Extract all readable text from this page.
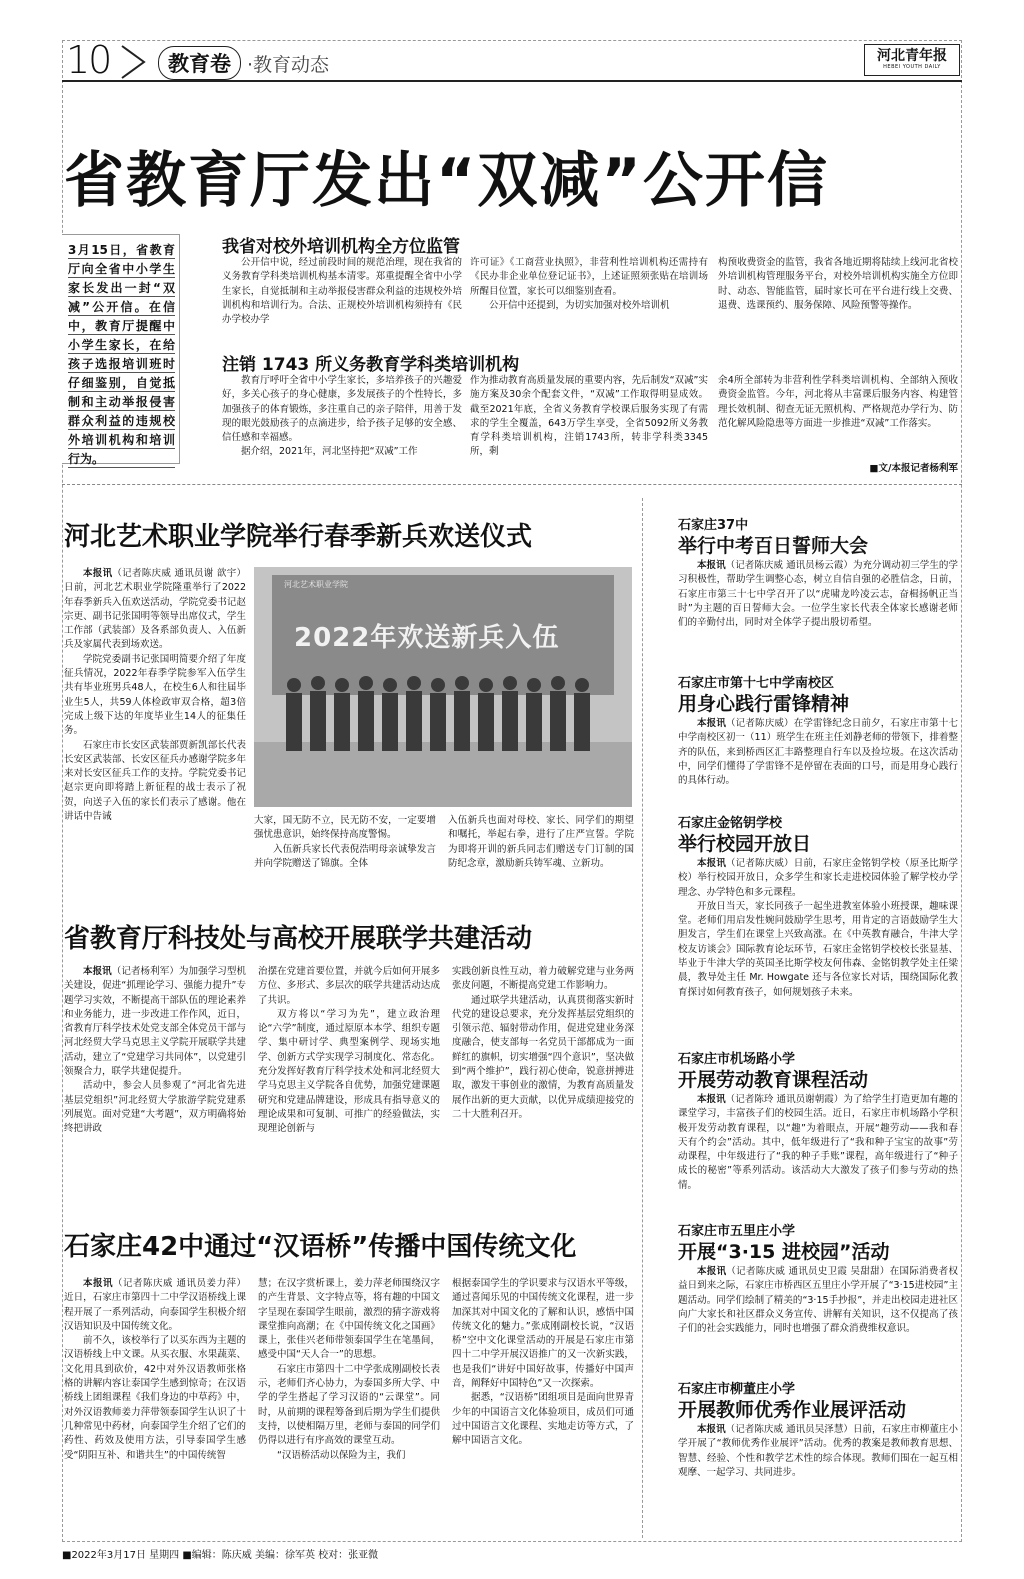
10	教育卷 ·教育动态	河北青年报
HEBEI YOUTH DAILY
省教育厅发出“双减”公开信
3月15日，省教育厅向全省中小学生家长发出一封“双减”公开信。在信中，教育厅提醒中小学生家长，在给孩子选报培训班时仔细鉴别，自觉抵制和主动举报侵害群众利益的违规校外培训机构和培训行为。
我省对校外培训机构全方位监管

公开信中说，经过前段时间的规范治理，现在我省的义务教育学科类培训机构基本清零。郑重提醒全省中小学生家长，自觉抵制和主动举报侵害群众利益的违规校外培训机构和培训行为。合法、正规校外培训机构须持有《民办学校办学

许可证》《工商营业执照》，非营利性培训机构还需持有《民办非企业单位登记证书》，上述证照须张贴在培训场所醒目位置，家长可以细鉴别查看。

公开信中还提到，为切实加强对校外培训机

构预收费资金的监管，我省各地近期将陆续上线河北省校外培训机构管理服务平台，对校外培训机构实施全方位即时、动态、智能监管，届时家长可在平台进行线上交费、退费、选课预约、服务保障、风险预警等操作。

注销 1743 所义务教育学科类培训机构

教育厅呼吁全省中小学生家长，多培养孩子的兴趣爱好，多关心孩子的身心健康，多发展孩子的个性特长，多加强孩子的体育锻炼，多注重自己的亲子陪伴，用善于发现的眼光鼓励孩子的点滴进步，给予孩子足够的安全感、信任感和幸福感。

据介绍，2021年，河北坚持把“双减”工作

作为推动教育高质量发展的重要内容，先后制发“双减”实施方案及30余个配套文件，“双减”工作取得明显成效。截至2021年底，全省义务教育学校课后服务实现了有需求的学生全覆盖，643万学生享受，全省5092所义务教育学科类培训机构，注销1743所，转非学科类3345所，剩

余4所全部转为非营利性学科类培训机构、全部纳入预收费资金监管。今年，河北将从丰富课后服务内容、构建管理长效机制、彻查无证无照机构、严格规范办学行为、防范化解风险隐患等方面进一步推进“双减”工作落实。

■文/本报记者杨利军
河北艺术职业学院举行春季新兵欢送仪式

本报讯（记者陈庆威 通讯员谢 歆宇）日前，河北艺术职业学院隆重举行了2022年春季新兵入伍欢送活动，学院党委书记赵宗更、副书记张国明等领导出席仪式，学生工作部（武装部）及各系部负责人、入伍新兵及家属代表到场欢送。

学院党委副书记张国明简要介绍了年度征兵情况，2022年春季学院参军入伍学生共有毕业班男兵48人，在校生6人和往届毕业生5人，共59人体检政审双合格，超3倍完成上级下达的年度毕业生14人的征集任务。

石家庄市长安区武装部贾新凯部长代表长安区武装部、长安区征兵办感谢学院多年来对长安区征兵工作的支持。学院党委书记赵宗更向即将踏上新征程的战士表示了祝贺，向送子入伍的家长们表示了感谢。他在讲话中告诫

河北艺术职业学院
2022年欢送新兵入伍

大家，国无防不立，民无防不安，一定要增强忧患意识，始终保持高度警惕。

入伍新兵家长代表倪浩明母亲诚挚发言并向学院赠送了锦旗。全体

入伍新兵也面对母校、家长、同学们的期望和嘱托，举起右拳，进行了庄严宣誓。学院为即将开训的新兵同志们赠送专门订制的国防纪念章，激励新兵铸军魂、立新功。

省教育厅科技处与高校开展联学共建活动

本报讯（记者杨利军）为加强学习型机关建设，促进“抓理论学习、强能力提升”专题学习实效，不断提高干部队伍的理论素养和业务能力，进一步改进工作作风，近日，省教育厅科学技术处党支部全体党员干部与河北经贸大学马克思主义学院开展联学共建活动，建立了“党建学习共同体”，以党建引领聚合力，联学共建促提升。

活动中，参会人员参观了“河北省先进基层党组织”河北经贸大学旅游学院党建系列展览。面对党建“大考题”，双方明确将始终把讲政

治摆在党建首要位置，并就今后如何开展多方位、多形式、多层次的联学共建活动达成了共识。

双方将以“学习为先”，建立政治理论“六学”制度，通过原原本本学、组织专题学、集中研讨学、典型案例学、现场实地学、创新方式学实现学习制度化、常态化。充分发挥好教育厅科学技术处和河北经贸大学马克思主义学院各自优势，加强党建课题研究和党建品牌建设，形成具有指导意义的理论成果和可复制、可推广的经验做法，实现理论创新与

实践创新良性互动，着力破解党建与业务两张皮问题，不断提高党建工作影响力。

通过联学共建活动，认真贯彻落实新时代党的建设总要求，充分发挥基层党组织的引领示范、辐射带动作用，促进党建业务深度融合，使支部每一名党员干部都成为一面鲜红的旗帜，切实增强“四个意识”，坚决做到“两个维护”，践行初心使命，锐意拼搏进取，激发干事创业的激情，为教育高质量发展作出新的更大贡献，以优异成绩迎接党的二十大胜利召开。

石家庄42中通过“汉语桥”传播中国传统文化

本报讯（记者陈庆威 通讯员姜力萍）近日，石家庄市第四十二中学汉语桥线上课程开展了一系列活动，向泰国学生积极介绍汉语知识及中国传统文化。

前不久，该校举行了以买东西为主题的汉语桥线上中文课。从买衣服、水果蔬菜、文化用具到砍价，42中对外汉语教师张格格的讲解内容让泰国学生感到惊奇；在汉语桥线上团组课程《我们身边的中草药》中，对外汉语教师姜力萍带领泰国学生认识了十几种常见中药材，向泰国学生介绍了它们的药性、药效及使用方法，引导泰国学生感受“阴阳互补、和谐共生”的中国传统智

慧；在汉字赏析课上，姜力萍老师围绕汉字的产生背景、文字特点等，将有趣的中国文字呈现在泰国学生眼前，激烈的猜字游戏将课堂推向高潮；在《中国传统文化之国画》课上，张佳兴老师带领泰国学生在笔墨间，感受中国“天人合一”的思想。

石家庄市第四十二中学张成刚副校长表示，老师们齐心协力，为泰国多所大学、中学的学生搭起了学习汉语的“云课堂”。同时，从前期的课程筹备到后期为学生们提供支持，以使相隔万里，老师与泰国的同学们仍得以进行有序高效的课堂互动。

“汉语桥活动以保险为主，我们

根据泰国学生的学识要求与汉语水平等级，通过喜闻乐见的中国传统文化课程，进一步加深其对中国文化的了解和认识，感悟中国传统文化的魅力。”张成刚副校长说，“汉语桥”空中文化课堂活动的开展是石家庄市第四十二中学开展汉语推广的又一次新实践，也是我们“讲好中国好故事，传播好中国声音，阐释好中国特色”又一次探索。

据悉，“汉语桥”团组项目是面向世界青少年的中国语言文化体验项目，成员们可通过中国语言文化课程、实地走访等方式，了解中国语言文化。

石家庄37中
举行中考百日誓师大会

本报讯（记者陈庆威 通讯员杨云霞）为充分调动初三学生的学习积极性，帮助学生调整心态，树立自信自强的必胜信念，日前，石家庄市第三十七中学召开了以“虎啸龙吟凌云志，奋楫扬帆正当时”为主题的百日誓师大会。一位学生家长代表全体家长感谢老师们的辛勤付出，同时对全体学子提出殷切希望。

石家庄市第十七中学南校区
用身心践行雷锋精神

本报讯（记者陈庆威）在学雷锋纪念日前夕，石家庄市第十七中学南校区初一（11）班学生在班主任刘静老师的带领下，排着整齐的队伍，来到桥西区汇丰路整理自行车以及捡垃圾。在这次活动中，同学们懂得了学雷锋不是停留在表面的口号，而是用身心践行的具体行动。

石家庄金铭钥学校
举行校园开放日

本报讯（记者陈庆威）日前，石家庄金铭钥学校（原圣比斯学校）举行校园开放日，众多学生和家长走进校园体验了解学校办学理念、办学特色和多元课程。

开放日当天，家长同孩子一起坐进教室体验小班授课，趣味课堂。老师们用启发性婉问鼓励学生思考，用肯定的言语鼓励学生大胆发言，学生们在课堂上兴致高涨。在《中英教育融合，牛津大学校友访谈会》国际教育论坛环节，石家庄金铭钥学校校长张显基、毕业于牛津大学的英国圣比斯学校友何伟森、金铭钥教学处主任梁晨，教导处主任 Mr. Howgate 还与各位家长对话，围绕国际化教育探讨如何教育孩子，如何规划孩子未来。

石家庄市机场路小学
开展劳动教育课程活动

本报讯（记者陈玲 通讯员谢朝霞）为了给学生打造更加有趣的课堂学习，丰富孩子们的校园生活。近日，石家庄市机场路小学积极开发劳动教育课程，以“趣”为着眼点，开展“趣劳动——我和春天有个约会”活动。其中，低年级进行了“我和种子宝宝的故事”劳动课程，中年级进行了“我的种子手账”课程，高年级进行了“种子成长的秘密”等系列活动。该活动大大激发了孩子们参与劳动的热情。

石家庄市五里庄小学
开展“3·15 进校园”活动

本报讯（记者陈庆威 通讯员史卫霞 吴甜甜）在国际消费者权益日到来之际，石家庄市桥西区五里庄小学开展了“3·15进校园”主题活动。同学们绘制了精美的“3·15手抄报”，并走出校园走进社区向广大家长和社区群众义务宣传、讲解有关知识，这不仅提高了孩子们的社会实践能力，同时也增强了群众消费维权意识。

石家庄市柳董庄小学
开展教师优秀作业展评活动

本报讯（记者陈庆威 通讯员吴泽慧）日前，石家庄市柳董庄小学开展了“教师优秀作业展评”活动。优秀的教案是教师教育思想、智慧、经验、个性和教学艺术性的综合体现。教师们围在一起互相观摩、一起学习、共同进步。

■2022年3月17日 星期四 ■编辑：陈庆威 美编：徐军英 校对：张亚微
